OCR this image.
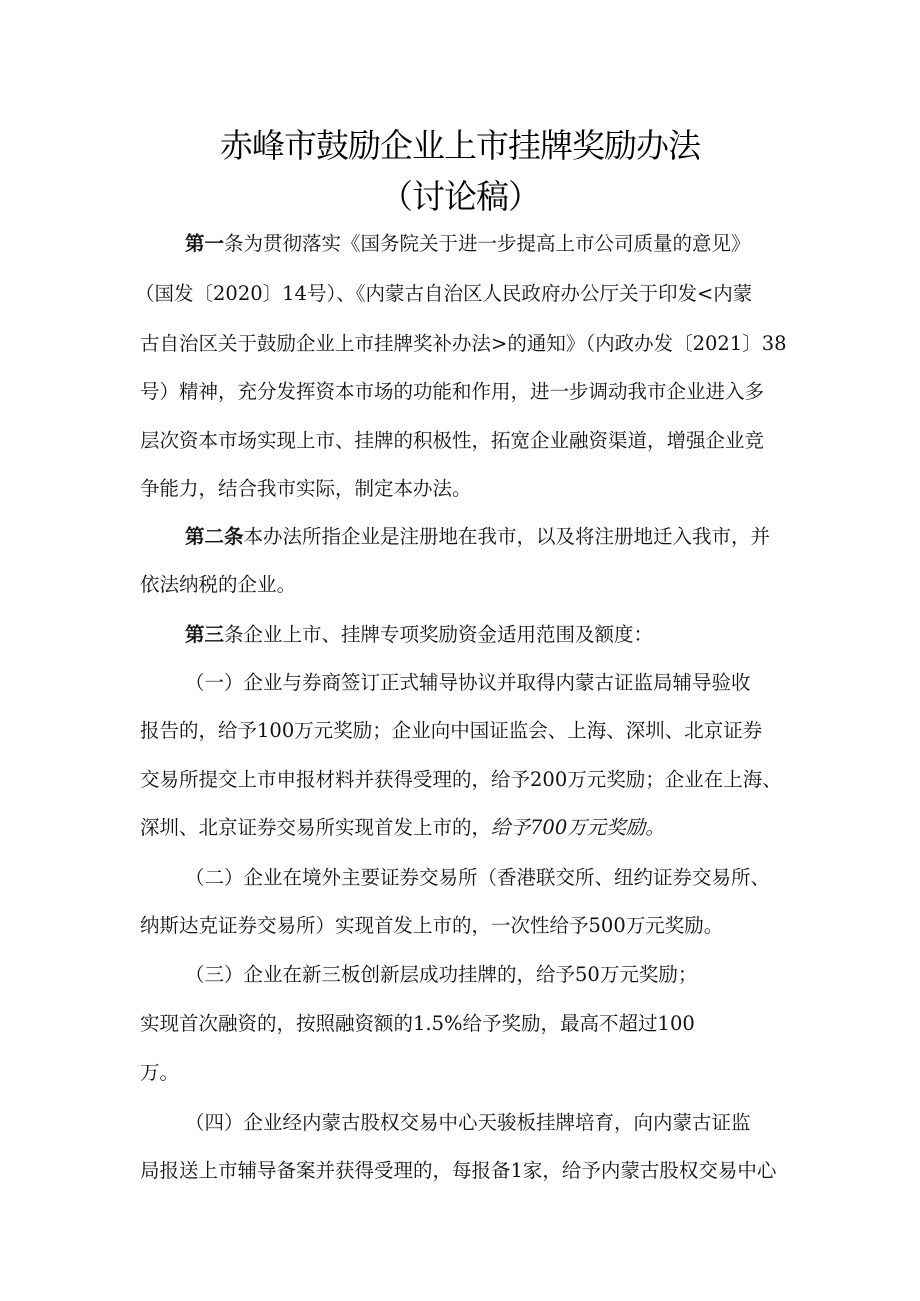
赤峰市鼓励企业上市挂牌奖励办法
（讨论稿）
第一条为贯彻落实《国务院关于进一步提高上市公司质量的意见》
（国发〔2020〕14号）、《内蒙古自治区人民政府办公厅关于印发<内蒙
古自治区关于鼓励企业上市挂牌奖补办法>的通知》（内政办发〔2021〕38
号）精神，充分发挥资本市场的功能和作用，进一步调动我市企业进入多
层次资本市场实现上市、挂牌的积极性，拓宽企业融资渠道，增强企业竞
争能力，结合我市实际，制定本办法。
第二条本办法所指企业是注册地在我市，以及将注册地迁入我市，并
依法纳税的企业。
第三条企业上市、挂牌专项奖励资金适用范围及额度：
（一）企业与券商签订正式辅导协议并取得内蒙古证监局辅导验收
报告的，给予100万元奖励；企业向中国证监会、上海、深圳、北京证券
交易所提交上市申报材料并获得受理的，给予200万元奖励；企业在上海、
深圳、北京证券交易所实现首发上市的，给予700万元奖励。
（二）企业在境外主要证券交易所（香港联交所、纽约证券交易所、
纳斯达克证券交易所）实现首发上市的，一次性给予500万元奖励。
（三）企业在新三板创新层成功挂牌的，给予50万元奖励；
实现首次融资的，按照融资额的1.5%给予奖励，最高不超过100
万。
（四）企业经内蒙古股权交易中心天骏板挂牌培育，向内蒙古证监
局报送上市辅导备案并获得受理的，每报备1家，给予内蒙古股权交易中心
